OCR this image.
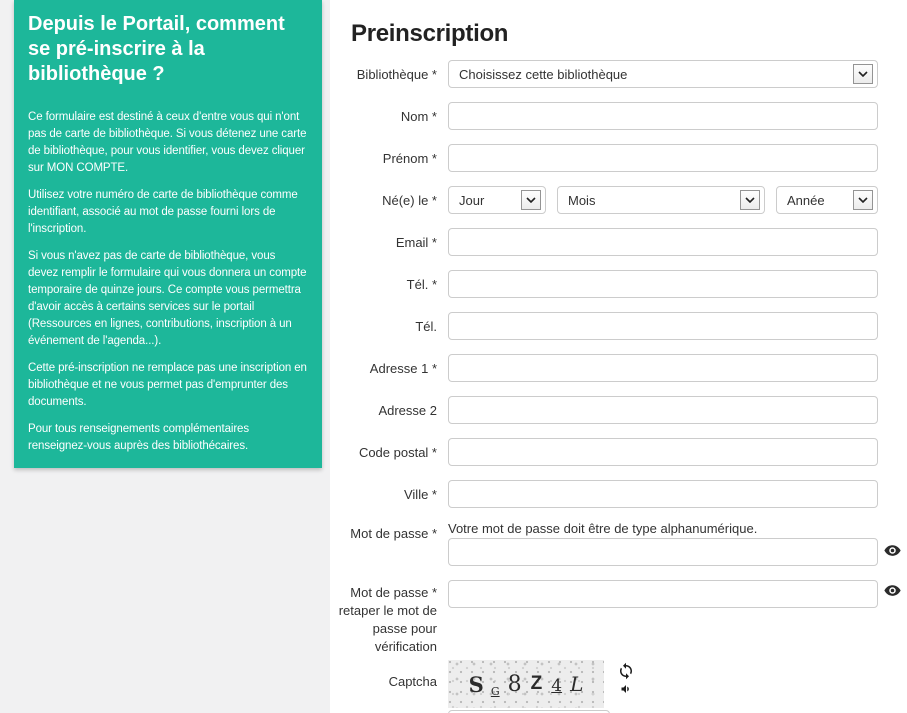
Depuis le Portail, comment se pré-inscrire à la bibliothèque ?
Ce formulaire est destiné à ceux d'entre vous qui n'ont pas de carte de bibliothèque. Si vous détenez une carte de bibliothèque, pour vous identifier, vous devez cliquer sur MON COMPTE.
Utilisez votre numéro de carte de bibliothèque comme identifiant, associé au mot de passe fourni lors de l'inscription.
Si vous n'avez pas de carte de bibliothèque, vous devez remplir le formulaire qui vous donnera un compte temporaire de quinze jours. Ce compte vous permettra d'avoir accès à certains services sur le portail (Ressources en lignes, contributions, inscription à un événement de l'agenda...).
Cette pré-inscription ne remplace pas une inscription en bibliothèque et ne vous permet pas d'emprunter des documents.
Pour tous renseignements complémentaires renseignez-vous auprès des bibliothécaires.
Preinscription
Bibliothèque *	Choisissez cette bibliothèque
Nom *
Prénom *
Né(e) le *	Jour	Mois	Année
Email *
Tél. *
Tél.
Adresse 1 *
Adresse 2
Code postal *
Ville *
Mot de passe * Votre mot de passe doit être de type alphanumérique.
Mot de passe *
retaper le mot de
passe pour
vérification
Captcha	S G 8 Z 4 L
